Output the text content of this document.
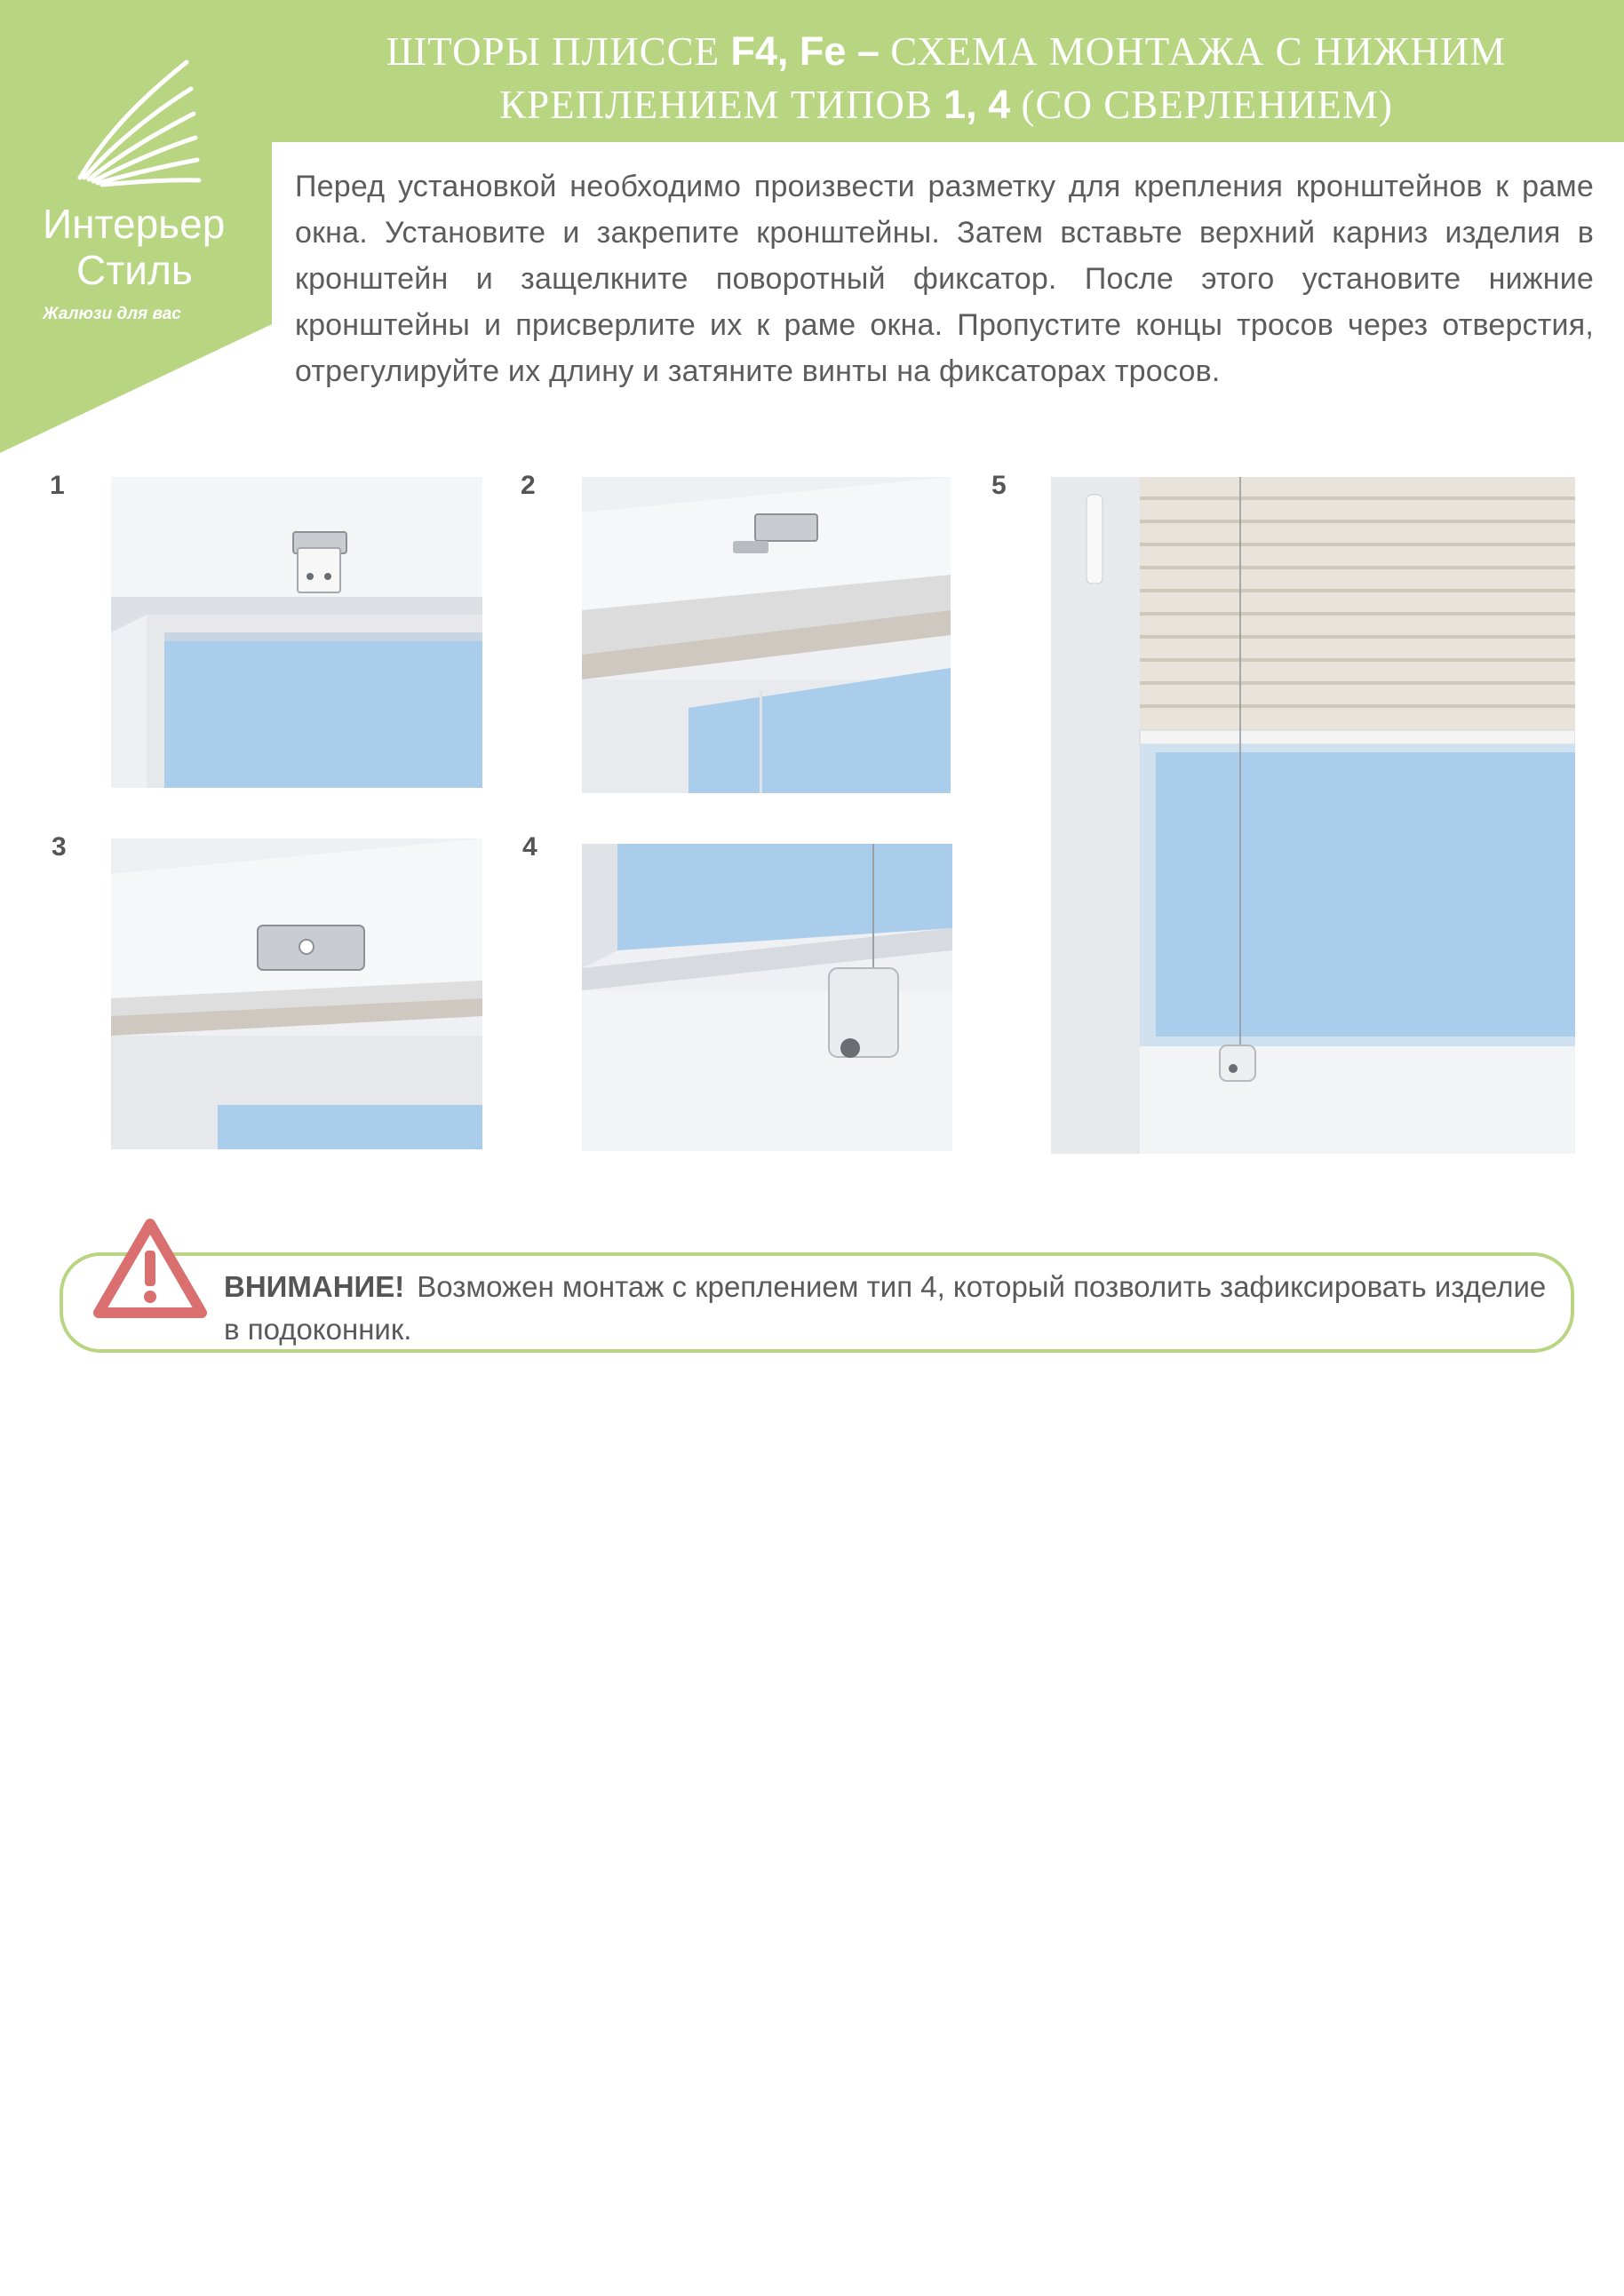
ШТОРЫ ПЛИССЕ F4, Fe – СХЕМА МОНТАЖА С НИЖНИМ
КРЕПЛЕНИЕМ ТИПОВ 1, 4 (СО СВЕРЛЕНИЕМ)
Интерьер
Стиль
Жалюзи для вас

Перед установкой необходимо произвести разметку для крепления кронштейнов к раме окна. Установите и закрепите кронштейны. Затем вставьте верхний карниз изделия в кронштейн и защелкните поворотный фиксатор. После этого установите нижние кронштейны и присверлите их к раме окна. Пропустите концы тросов через отверстия, отрегулируйте их длину и затяните винты на фиксаторах тросов.

1	2	5
3	4
ВНИМАНИЕ! Возможен монтаж с креплением тип 4, который позволить зафиксировать изделие в подоконник.
